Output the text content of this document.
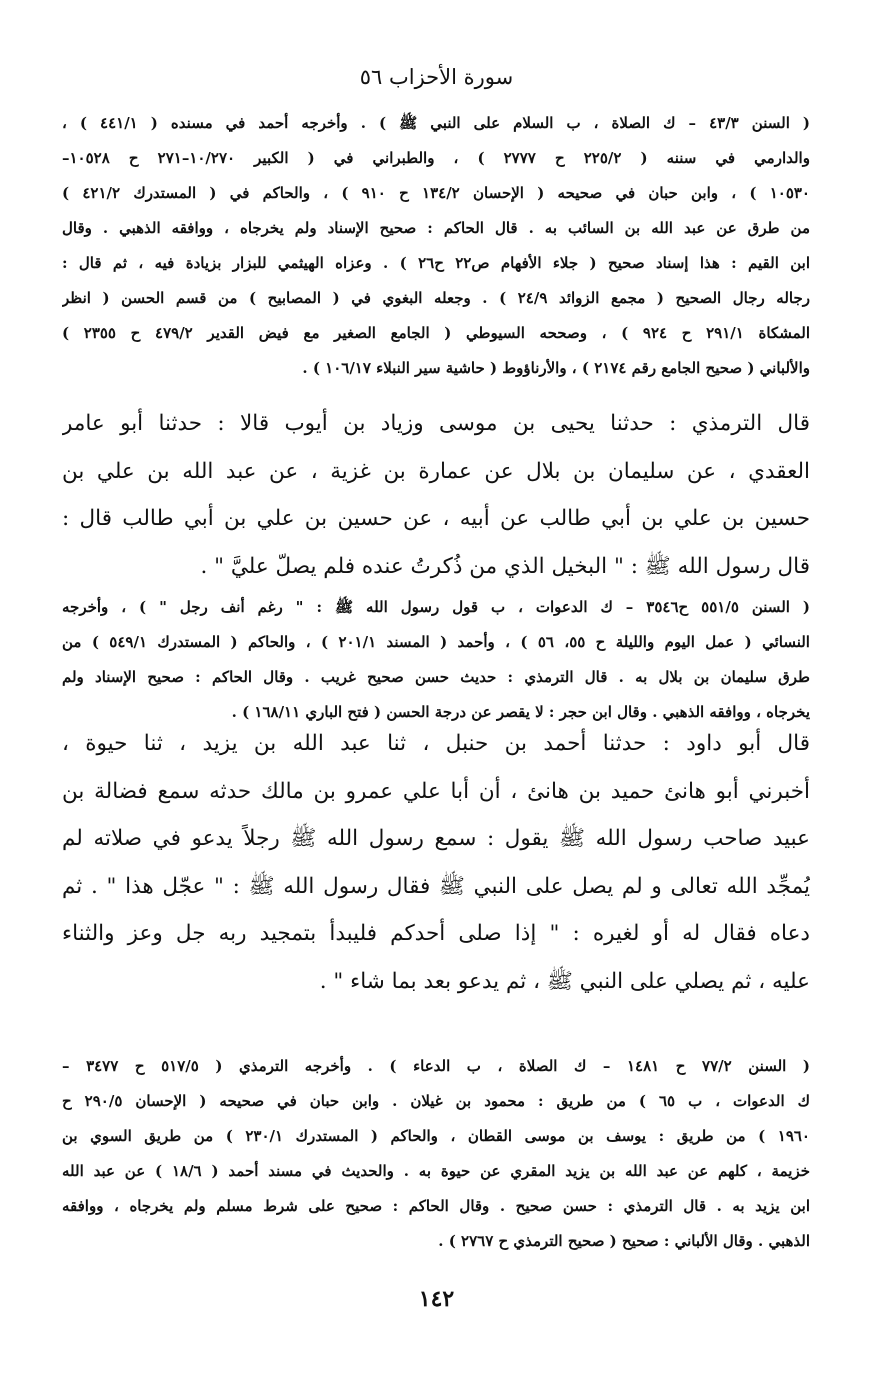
سورة الأحزاب ٥٦
( السنن ٤٣/٣ – ك الصلاة ، ب السلام على النبي ﷺ ) . وأخرجه أحمد في مسنده ( ٤٤١/١ ) ،
والدارمي في سننه ( ٢٢٥/٢ ح ٢٧٧٧ ) ، والطبراني في ( الكبير ١٠/٢٧٠–٢٧١ ح ١٠٥٢٨–
١٠٥٣٠ ) ، وابن حبان في صحيحه ( الإحسان ١٣٤/٢ ح ٩١٠ ) ، والحاكم في ( المستدرك ٤٢١/٢ )
من طرق عن عبد الله بن السائب به . قال الحاكم : صحيح الإسناد ولم يخرجاه ، ووافقه الذهبي . وقال
ابن القيم : هذا إسناد صحيح ( جلاء الأفهام ص٢٢ ح٢٦ ) . وعزاه الهيثمي للبزار بزيادة فيه ، ثم قال :
رجاله رجال الصحيح ( مجمع الزوائد ٢٤/٩ ) . وجعله البغوي في ( المصابيح ) من قسم الحسن ( انظر
المشكاة ٢٩١/١ ح ٩٢٤ ) ، وصححه السيوطي ( الجامع الصغير مع فيض القدير ٤٧٩/٢ ح ٢٣٥٥ )
والألباني ( صحيح الجامع رقم ٢١٧٤ ) ، والأرناؤوط ( حاشية سير النبلاء ١٠٦/١٧ ) .
قال الترمذي : حدثنا يحيى بن موسى وزياد بن أيوب قالا : حدثنا أبو عامر
العقدي ، عن سليمان بن بلال عن عمارة بن غزية ، عن عبد الله بن علي بن
حسين بن علي بن أبي طالب عن أبيه ، عن حسين بن علي بن أبي طالب قال :
قال رسول الله ﷺ : " البخيل الذي من ذُكرتُ عنده فلم يصلّ عليَّ " .
( السنن ٥٥١/٥ ح٣٥٤٦ – ك الدعوات ، ب قول رسول الله ﷺ : " رغم أنف رجل " ) ، وأخرجه
النسائي ( عمل اليوم والليلة ح ٥٥، ٥٦ ) ، وأحمد ( المسند ٢٠١/١ ) ، والحاكم ( المستدرك ٥٤٩/١ ) من
طرق سليمان بن بلال به . قال الترمذي : حديث حسن صحيح غريب . وقال الحاكم : صحيح الإسناد ولم
يخرجاه ، ووافقه الذهبي . وقال ابن حجر : لا يقصر عن درجة الحسن ( فتح الباري ١٦٨/١١ ) .
قال أبو داود : حدثنا أحمد بن حنبل ، ثنا عبد الله بن يزيد ، ثنا حيوة ،
أخبرني أبو هانئ حميد بن هانئ ، أن أبا علي عمرو بن مالك حدثه سمع فضالة بن
عبيد صاحب رسول الله ﷺ يقول : سمع رسول الله ﷺ رجلاً يدعو في صلاته لم
يُمجِّد الله تعالى و لم يصل على النبي ﷺ فقال رسول الله ﷺ : " عجّل هذا " . ثم
دعاه فقال له أو لغيره : " إذا صلى أحدكم فليبدأ بتمجيد ربه جل وعز والثناء
عليه ، ثم يصلي على النبي ﷺ ، ثم يدعو بعد بما شاء " .
( السنن ٧٧/٢ ح ١٤٨١ – ك الصلاة ، ب الدعاء ) . وأخرجه الترمذي ( ٥١٧/٥ ح ٣٤٧٧ –
ك الدعوات ، ب ٦٥ ) من طريق : محمود بن غيلان . وابن حبان في صحيحه ( الإحسان ٢٩٠/٥ ح
١٩٦٠ ) من طريق : يوسف بن موسى القطان ، والحاكم ( المستدرك ٢٣٠/١ ) من طريق السوي بن
خزيمة ، كلهم عن عبد الله بن يزيد المقري عن حيوة به . والحديث في مسند أحمد ( ١٨/٦ ) عن عبد الله
ابن يزيد به . قال الترمذي : حسن صحيح . وقال الحاكم : صحيح على شرط مسلم ولم يخرجاه ، ووافقه
الذهبي . وقال الألباني : صحيح ( صحيح الترمذي ح ٢٧٦٧ ) .
١٤٢
